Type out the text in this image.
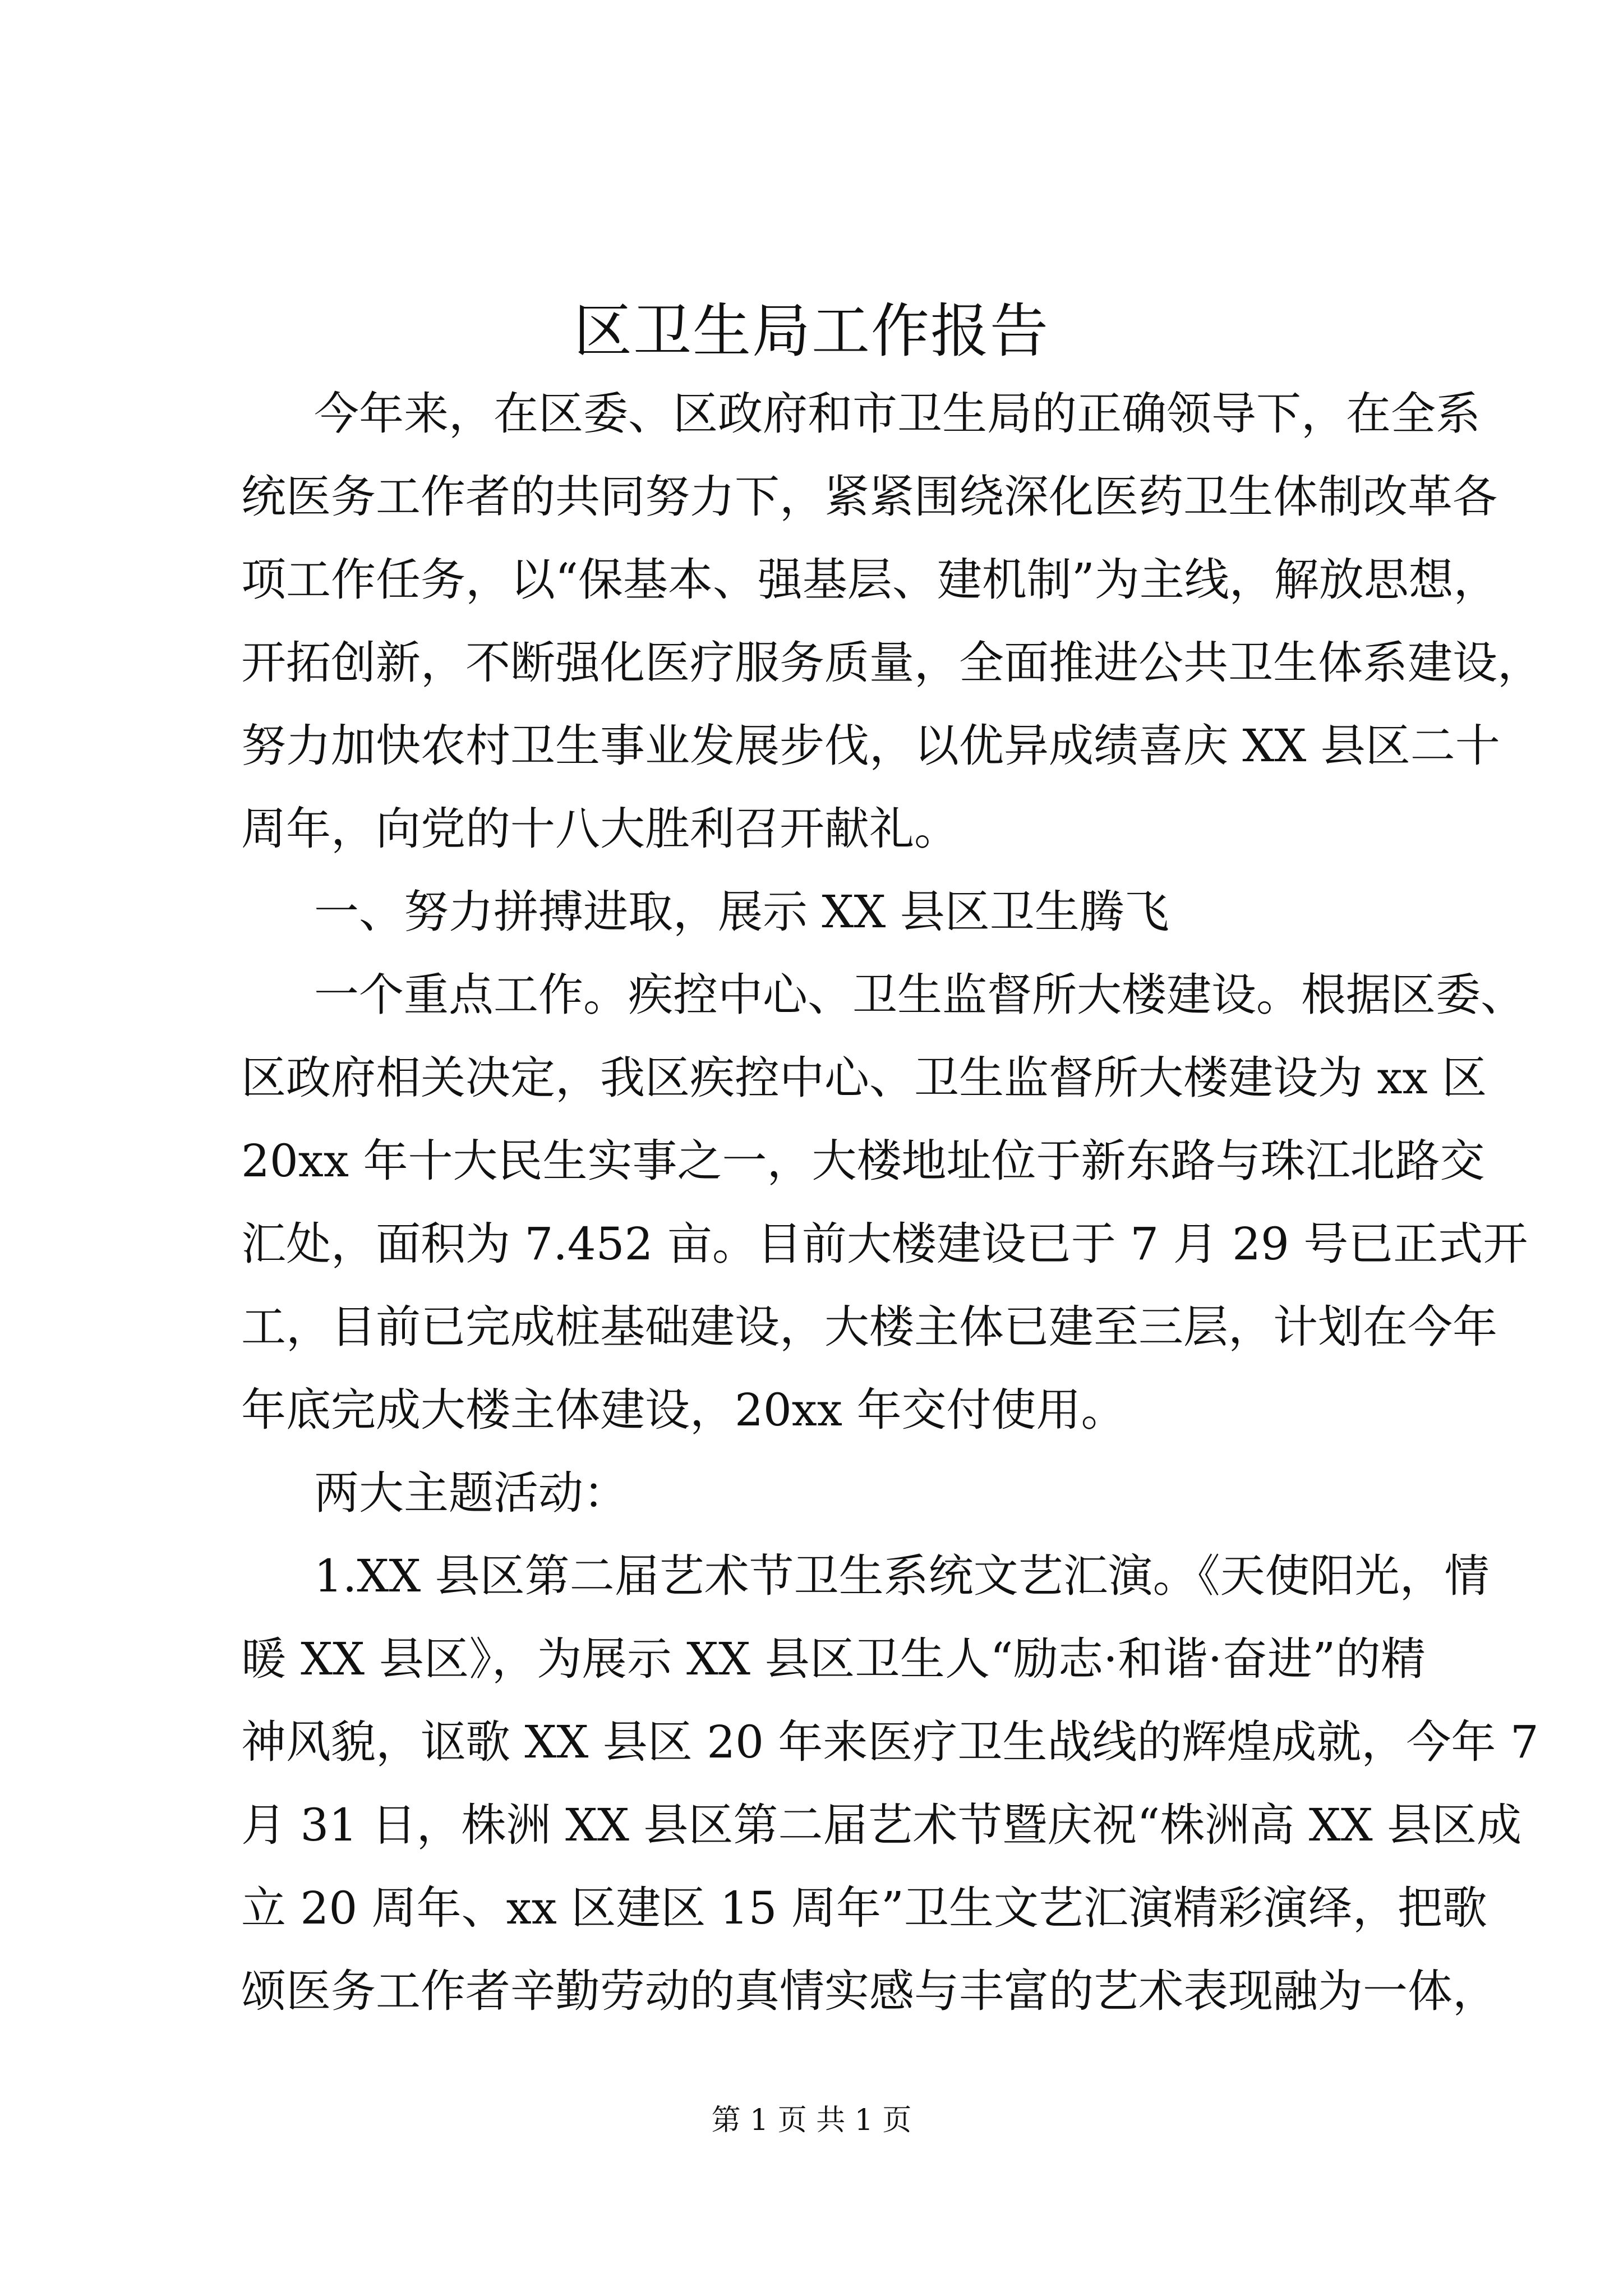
区卫生局工作报告
今年来，在区委、区政府和市卫生局的正确领导下，在全系
统医务工作者的共同努力下，紧紧围绕深化医药卫生体制改革各
项工作任务，以“保基本、强基层、建机制”为主线，解放思想，
开拓创新，不断强化医疗服务质量，全面推进公共卫生体系建设，
努力加快农村卫生事业发展步伐，以优异成绩喜庆 XX 县区二十
周年，向党的十八大胜利召开献礼。
一、努力拼搏进取，展示 XX 县区卫生腾飞
一个重点工作。疾控中心、卫生监督所大楼建设。根据区委、
区政府相关决定，我区疾控中心、卫生监督所大楼建设为 xx 区
20xx 年十大民生实事之一，大楼地址位于新东路与珠江北路交
汇处，面积为 7.452 亩。目前大楼建设已于 7 月 29 号已正式开
工，目前已完成桩基础建设，大楼主体已建至三层，计划在今年
年底完成大楼主体建设，20xx 年交付使用。
两大主题活动：
1.XX 县区第二届艺术节卫生系统文艺汇演。《天使阳光，情
暖 XX 县区》，为展示 XX 县区卫生人“励志·和谐·奋进”的精
神风貌，讴歌 XX 县区 20 年来医疗卫生战线的辉煌成就，今年 7
月 31 日，株洲 XX 县区第二届艺术节暨庆祝“株洲高 XX 县区成
立 20 周年、xx 区建区 15 周年”卫生文艺汇演精彩演绎，把歌
颂医务工作者辛勤劳动的真情实感与丰富的艺术表现融为一体，
第 1 页 共 1 页
